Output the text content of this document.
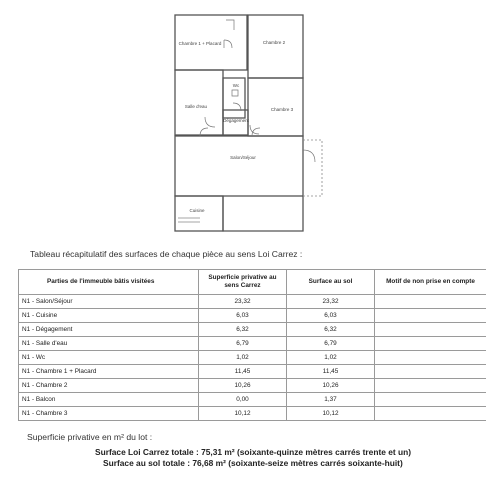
Chambre 1 + Placard	Chambre 2
Salle d'eau
Wc
Dégagement
Chambre 3
Salon/Séjour
Cuisine
Tableau récapitulatif des surfaces de chaque pièce au sens Loi Carrez :
Parties de l'immeuble bâtis visitées	Superficie privative au sens Carrez	Surface au sol	Motif de non prise en compte
N1 - Salon/Séjour	23,32	23,32	
N1 - Cuisine	6,03	6,03	
N1 - Dégagement	6,32	6,32	
N1 - Salle d'eau	6,79	6,79	
N1 - Wc	1,02	1,02	
N1 - Chambre 1 + Placard	11,45	11,45	
N1 - Chambre 2	10,26	10,26	
N1 - Balcon	0,00	1,37	
N1 - Chambre 3	10,12	10,12	
Superficie privative en m² du lot :
Surface Loi Carrez totale : 75,31 m² (soixante-quinze mètres carrés trente et un)
Surface au sol totale : 76,68 m² (soixante-seize mètres carrés soixante-huit)
